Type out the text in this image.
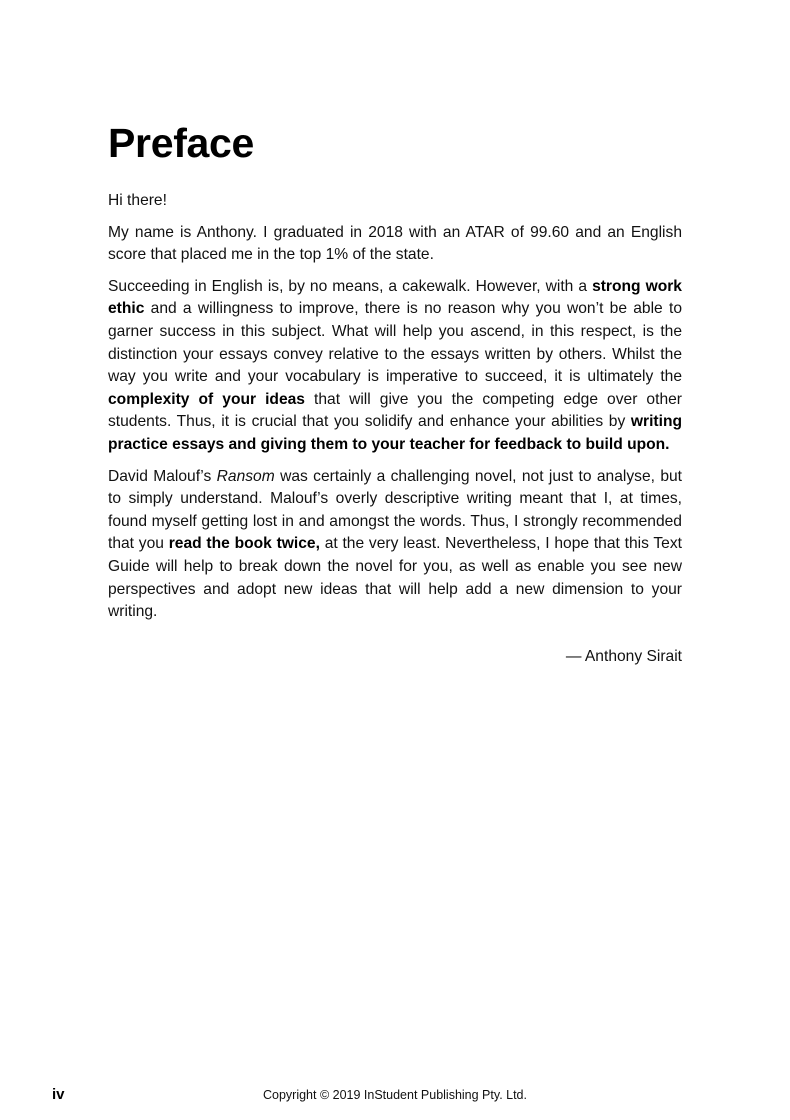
Preface

Hi there!

My name is Anthony. I graduated in 2018 with an ATAR of 99.60 and an English score that placed me in the top 1% of the state.

Succeeding in English is, by no means, a cakewalk. However, with a strong work ethic and a willingness to improve, there is no reason why you won’t be able to garner success in this subject. What will help you ascend, in this respect, is the distinction your essays convey relative to the essays written by others. Whilst the way you write and your vocabulary is imperative to succeed, it is ultimately the complexity of your ideas that will give you the competing edge over other students. Thus, it is crucial that you solidify and enhance your abilities by writing practice essays and giving them to your teacher for feedback to build upon.

David Malouf’s Ransom was certainly a challenging novel, not just to analyse, but to simply understand. Malouf’s overly descriptive writing meant that I, at times, found myself getting lost in and amongst the words. Thus, I strongly recommended that you read the book twice, at the very least. Nevertheless, I hope that this Text Guide will help to break down the novel for you, as well as enable you see new perspectives and adopt new ideas that will help add a new dimension to your writing.

— Anthony Sirait
iv	Copyright © 2019 InStudent Publishing Pty. Ltd.
